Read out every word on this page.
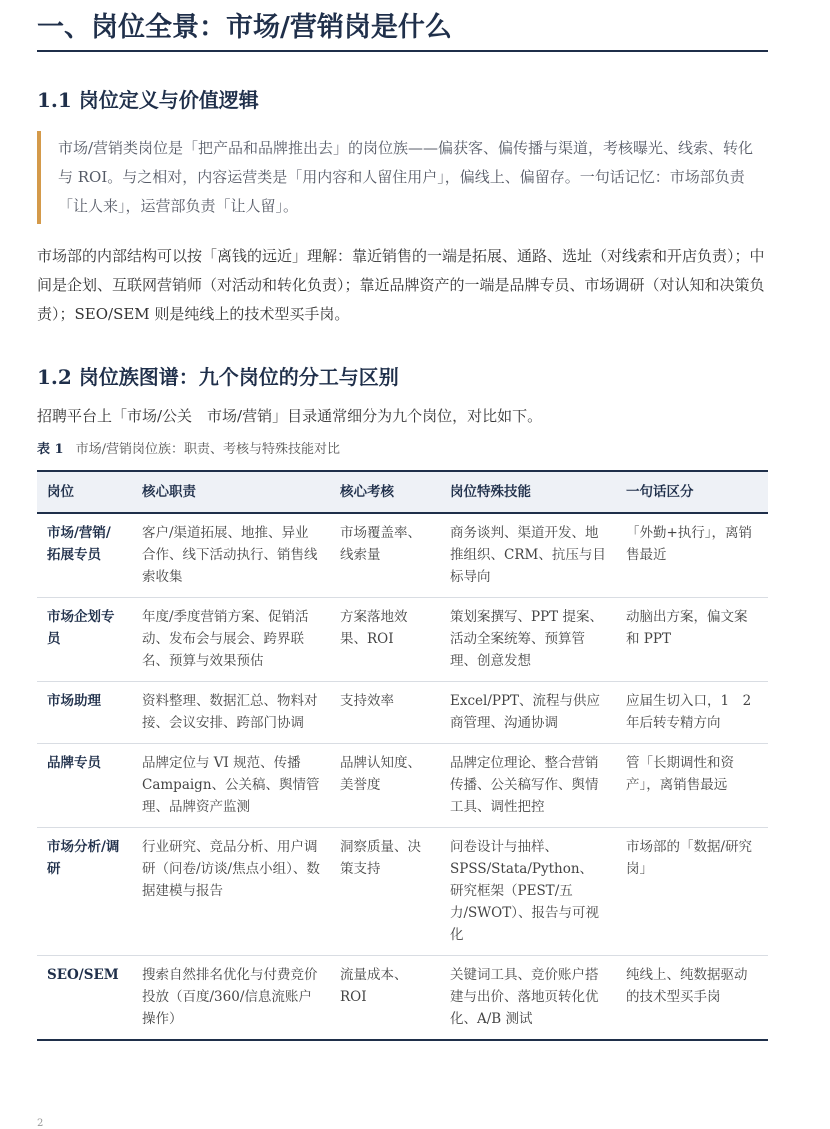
一、岗位全景：市场/营销岗是什么
1.1 岗位定义与价值逻辑
市场/营销类岗位是「把产品和品牌推出去」的岗位族——偏获客、偏传播与渠道，考核曝光、线索、转化与 ROI。与之相对，内容运营类是「用内容和人留住用户」，偏线上、偏留存。一句话记忆：市场部负责「让人来」，运营部负责「让人留」。

市场部的内部结构可以按「离钱的远近」理解：靠近销售的一端是拓展、通路、选址（对线索和开店负责）；中间是企划、互联网营销师（对活动和转化负责）；靠近品牌资产的一端是品牌专员、市场调研（对认知和决策负责）；SEO/SEM 则是纯线上的技术型买手岗。

1.2 岗位族图谱：九个岗位的分工与区别

招聘平台上「市场/公关　市场/营销」目录通常细分为九个岗位，对比如下。

表 1 市场/营销岗位族：职责、考核与特殊技能对比
岗位	核心职责	核心考核	岗位特殊技能	一句话区分
市场/营销/拓展专员	客户/渠道拓展、地推、异业合作、线下活动执行、销售线索收集	市场覆盖率、线索量	商务谈判、渠道开发、地推组织、CRM、抗压与目标导向	「外勤+执行」，离销售最近
市场企划专员	年度/季度营销方案、促销活动、发布会与展会、跨界联名、预算与效果预估	方案落地效果、ROI	策划案撰写、PPT 提案、活动全案统筹、预算管理、创意发想	动脑出方案，偏文案和 PPT
市场助理	资料整理、数据汇总、物料对接、会议安排、跨部门协调	支持效率	Excel/PPT、流程与供应商管理、沟通协调	应届生切入口，1　2 年后转专精方向
品牌专员	品牌定位与 VI 规范、传播 Campaign、公关稿、舆情管理、品牌资产监测	品牌认知度、美誉度	品牌定位理论、整合营销传播、公关稿写作、舆情工具、调性把控	管「长期调性和资产」，离销售最远
市场分析/调研	行业研究、竞品分析、用户调研（问卷/访谈/焦点小组）、数据建模与报告	洞察质量、决策支持	问卷设计与抽样、SPSS/Stata/Python、研究框架（PEST/五力/SWOT）、报告与可视化	市场部的「数据/研究岗」
SEO/SEM	搜索自然排名优化与付费竞价投放（百度/360/信息流账户操作）	流量成本、ROI	关键词工具、竞价账户搭建与出价、落地页转化优化、A/B 测试	纯线上、纯数据驱动的技术型买手岗
2
